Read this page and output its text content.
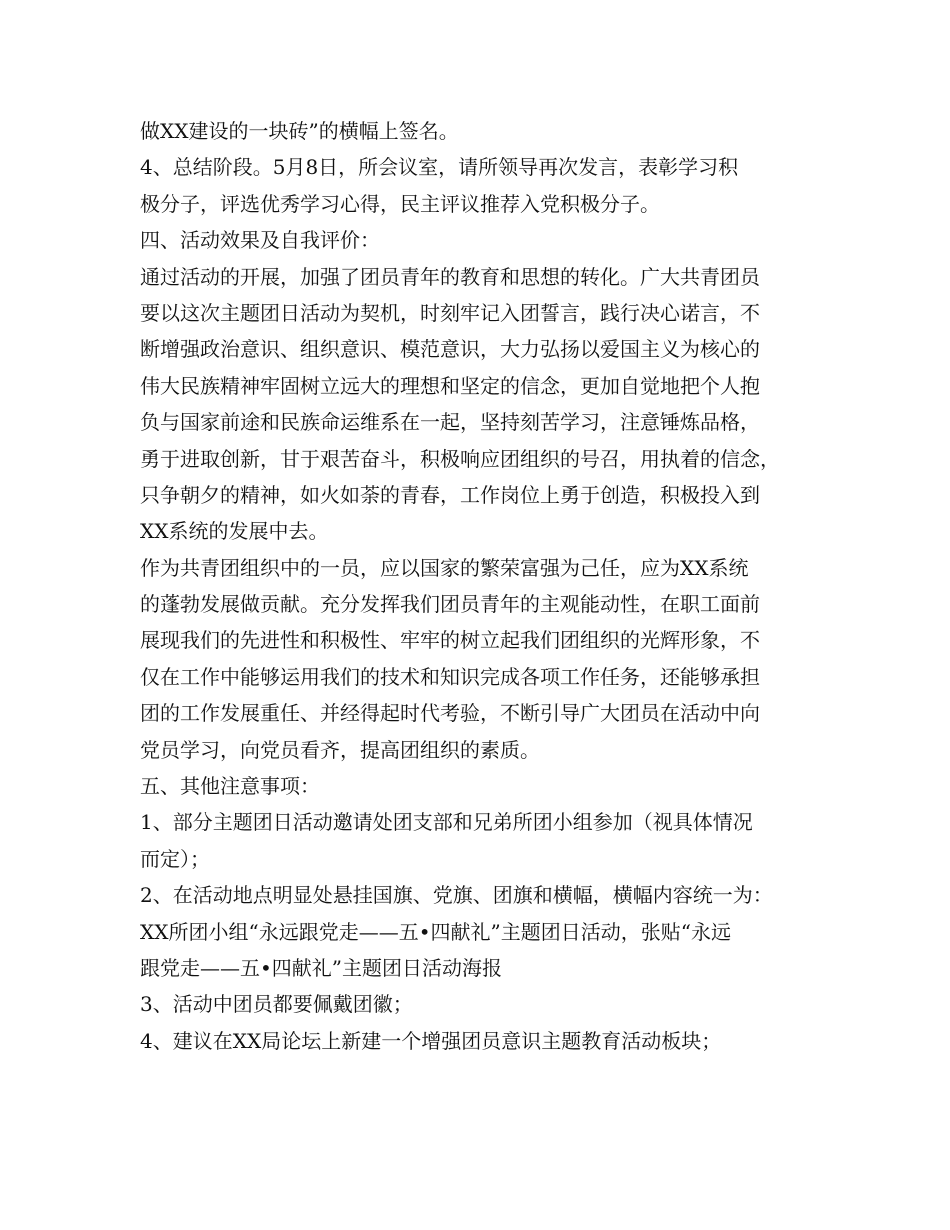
做XX建设的一块砖”的横幅上签名。
4、总结阶段。5月8日，所会议室，请所领导再次发言，表彰学习积
极分子，评选优秀学习心得，民主评议推荐入党积极分子。
四、活动效果及自我评价：
通过活动的开展，加强了团员青年的教育和思想的转化。广大共青团员
要以这次主题团日活动为契机，时刻牢记入团誓言，践行决心诺言，不
断增强政治意识、组织意识、模范意识，大力弘扬以爱国主义为核心的
伟大民族精神牢固树立远大的理想和坚定的信念，更加自觉地把个人抱
负与国家前途和民族命运维系在一起，坚持刻苦学习，注意锤炼品格，
勇于进取创新，甘于艰苦奋斗，积极响应团组织的号召，用执着的信念，
只争朝夕的精神，如火如荼的青春，工作岗位上勇于创造，积极投入到
XX系统的发展中去。
作为共青团组织中的一员，应以国家的繁荣富强为己任，应为XX系统
的蓬勃发展做贡献。充分发挥我们团员青年的主观能动性，在职工面前
展现我们的先进性和积极性、牢牢的树立起我们团组织的光辉形象，不
仅在工作中能够运用我们的技术和知识完成各项工作任务，还能够承担
团的工作发展重任、并经得起时代考验，不断引导广大团员在活动中向
党员学习，向党员看齐，提高团组织的素质。
五、其他注意事项：
1、部分主题团日活动邀请处团支部和兄弟所团小组参加（视具体情况
而定）；
2、在活动地点明显处悬挂国旗、党旗、团旗和横幅，横幅内容统一为：
XX所团小组“永远跟党走——五•四献礼”主题团日活动，张贴“永远
跟党走——五•四献礼”主题团日活动海报
3、活动中团员都要佩戴团徽；
4、建议在XX局论坛上新建一个增强团员意识主题教育活动板块；
